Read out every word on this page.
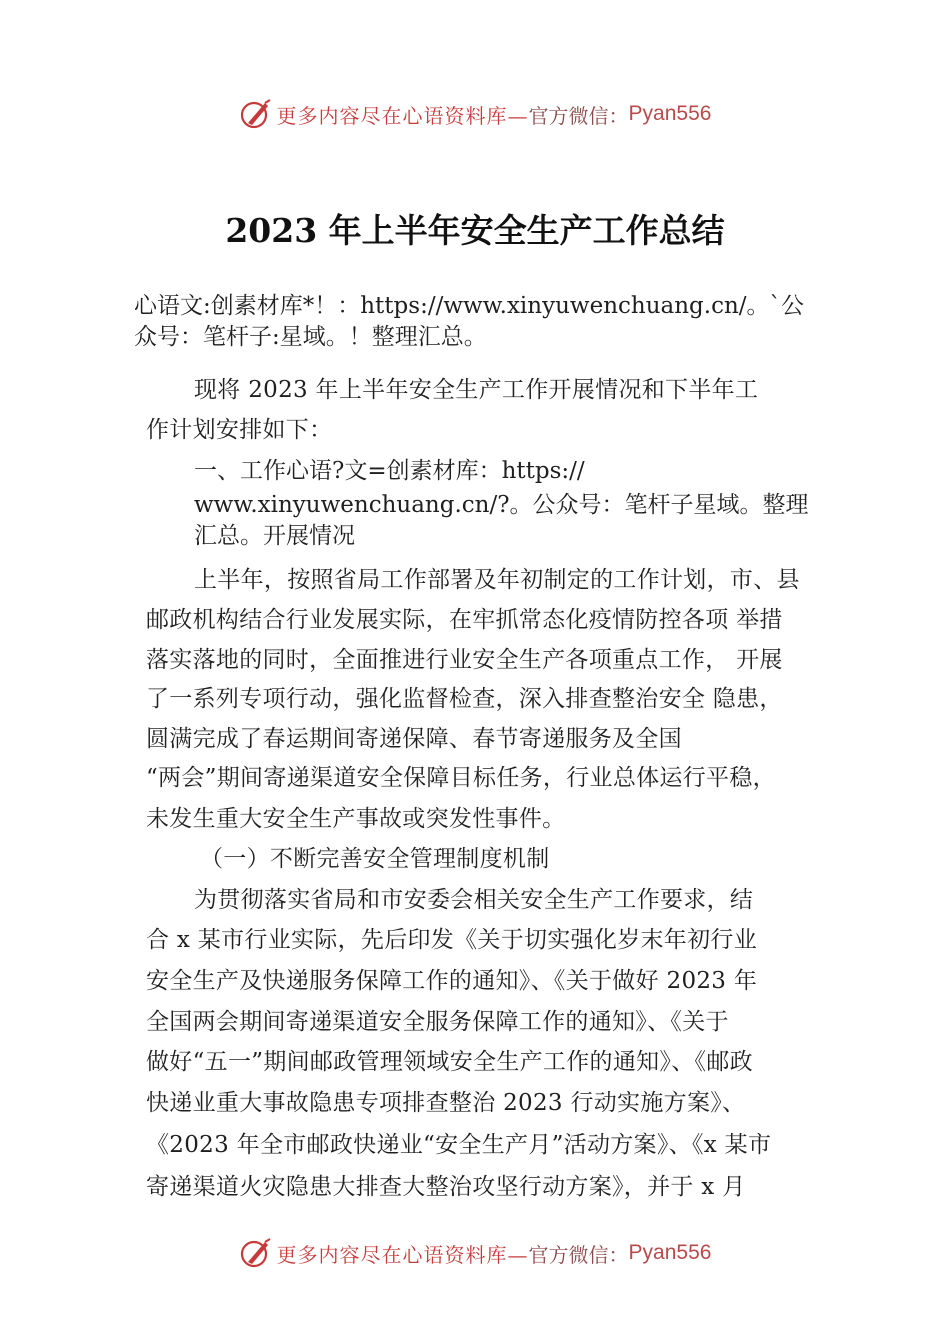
更多内容尽在心语资料库— 官方微信： Pyan556
2023 年上半年安全生产工作总结
心语文:创素材库*！：https://www.xinyuwenchuang.cn/。`公
众号：笔杆子:星域。！整理汇总。
现将 2023 年上半年安全生产工作开展情况和下半年工
作计划安排如下：
一、工作心语?文=创素材库：https://
www.xinyuwenchuang.cn/?。公众号：笔杆子星域。整理
汇总。开展情况
上半年，按照省局工作部署及年初制定的工作计划，市、县
邮政机构结合行业发展实际，在牢抓常态化疫情防控各项 举措
落实落地的同时，全面推进行业安全生产各项重点工作， 开展
了一系列专项行动，强化监督检查，深入排查整治安全 隐患，
圆满完成了春运期间寄递保障、春节寄递服务及全国
“两会”期间寄递渠道安全保障目标任务，行业总体运行平稳，
未发生重大安全生产事故或突发性事件。
（一）不断完善安全管理制度机制
为贯彻落实省局和市安委会相关安全生产工作要求，结
合 x 某市行业实际，先后印发《关于切实强化岁末年初行业
安全生产及快递服务保障工作的通知》、《关于做好 2023 年
全国两会期间寄递渠道安全服务保障工作的通知》、《关于
做好“五一”期间邮政管理领域安全生产工作的通知》、《邮政
快递业重大事故隐患专项排查整治 2023 行动实施方案》、
《2023 年全市邮政快递业“安全生产月”活动方案》、《x 某市
寄递渠道火灾隐患大排查大整治攻坚行动方案》，并于 x 月
更多内容尽在心语资料库— 官方微信： Pyan556
